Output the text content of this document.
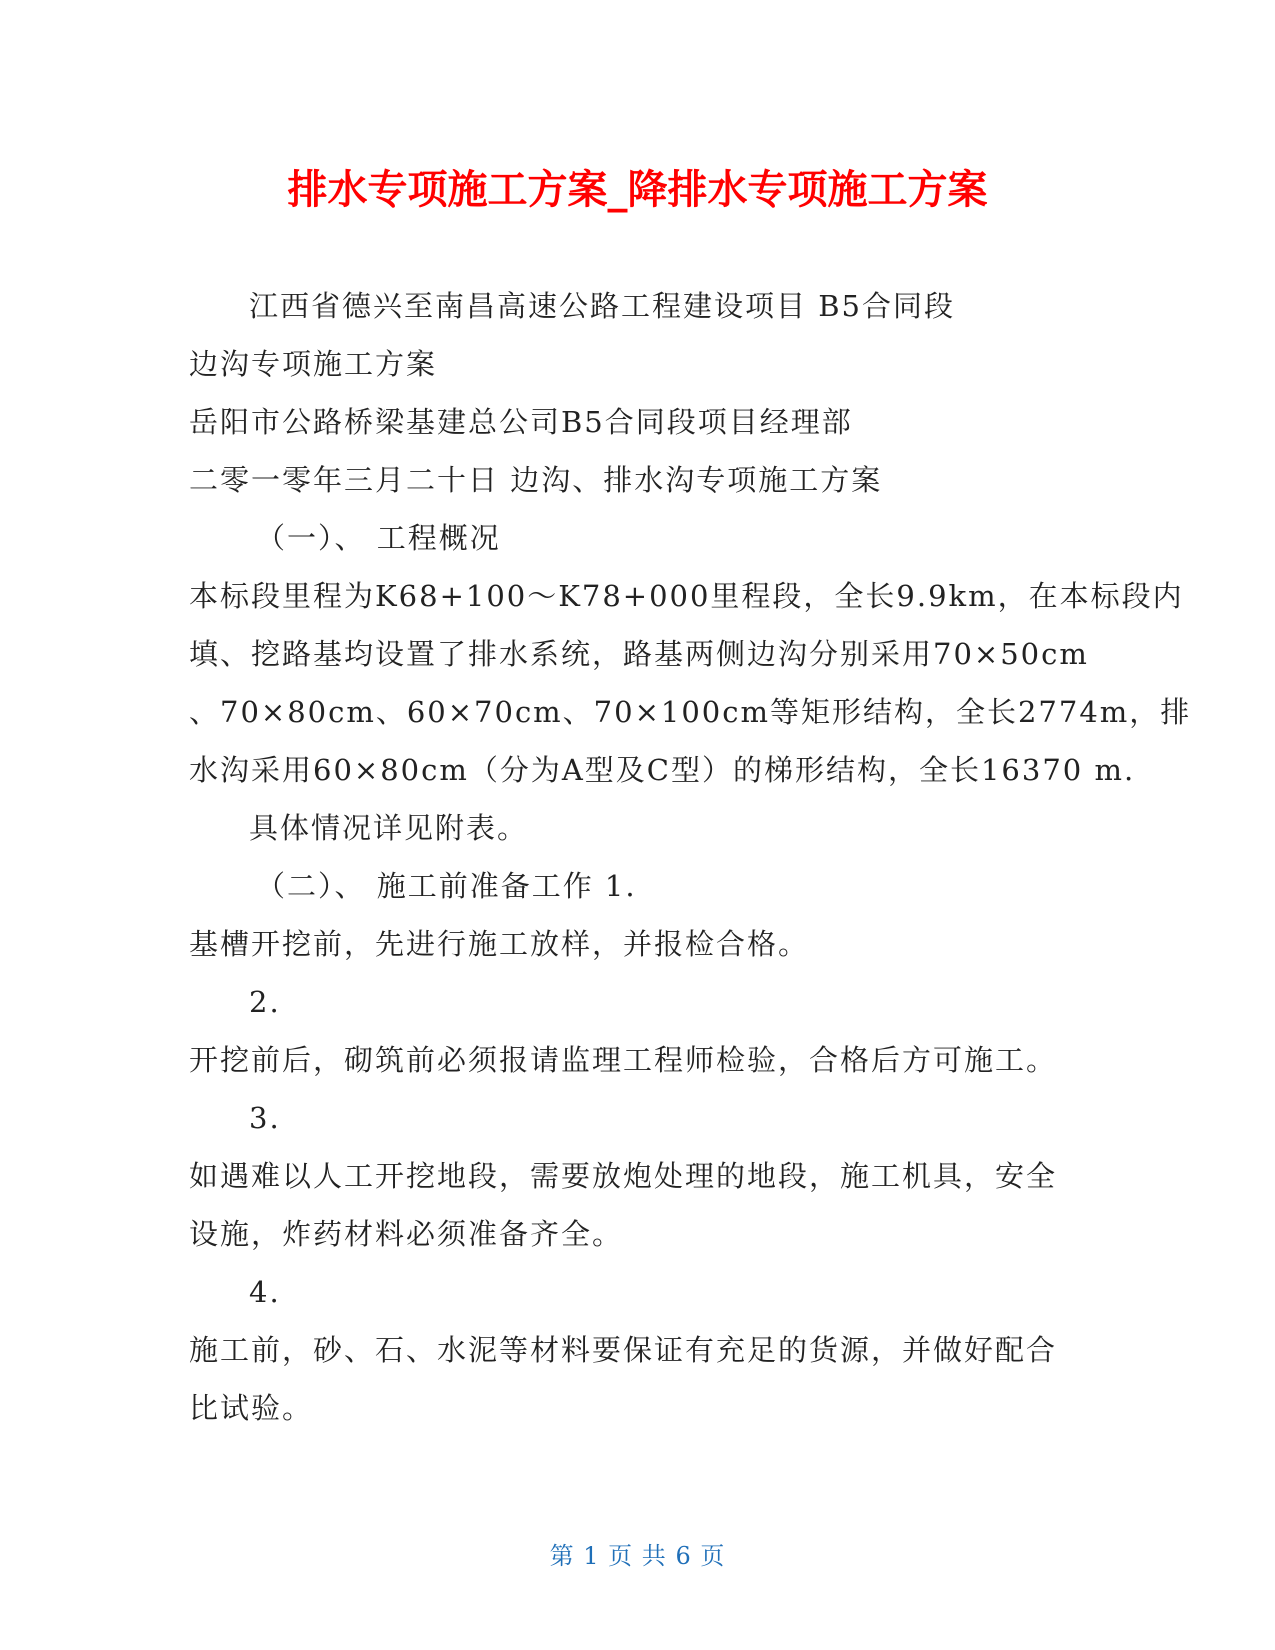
排水专项施工方案_降排水专项施工方案
江西省德兴至南昌高速公路工程建设项目 B5合同段
边沟专项施工方案
岳阳市公路桥梁基建总公司B5合同段项目经理部
二零一零年三月二十日 边沟、排水沟专项施工方案
（一）、 工程概况
本标段里程为K68+100～K78+000里程段，全长9.9km，在本标段内
填、挖路基均设置了排水系统，路基两侧边沟分别采用70×50cm
、70×80cm、60×70cm、70×100cm等矩形结构，全长2774m，排
水沟采用60×80cm（分为A型及C型）的梯形结构，全长16370 m.
具体情况详见附表。
（二）、 施工前准备工作 1.
基槽开挖前，先进行施工放样，并报检合格。
2.
开挖前后，砌筑前必须报请监理工程师检验，合格后方可施工。
3.
如遇难以人工开挖地段，需要放炮处理的地段，施工机具，安全
设施，炸药材料必须准备齐全。
4.
施工前，砂、石、水泥等材料要保证有充足的货源，并做好配合
比试验。
第 1 页 共 6 页
